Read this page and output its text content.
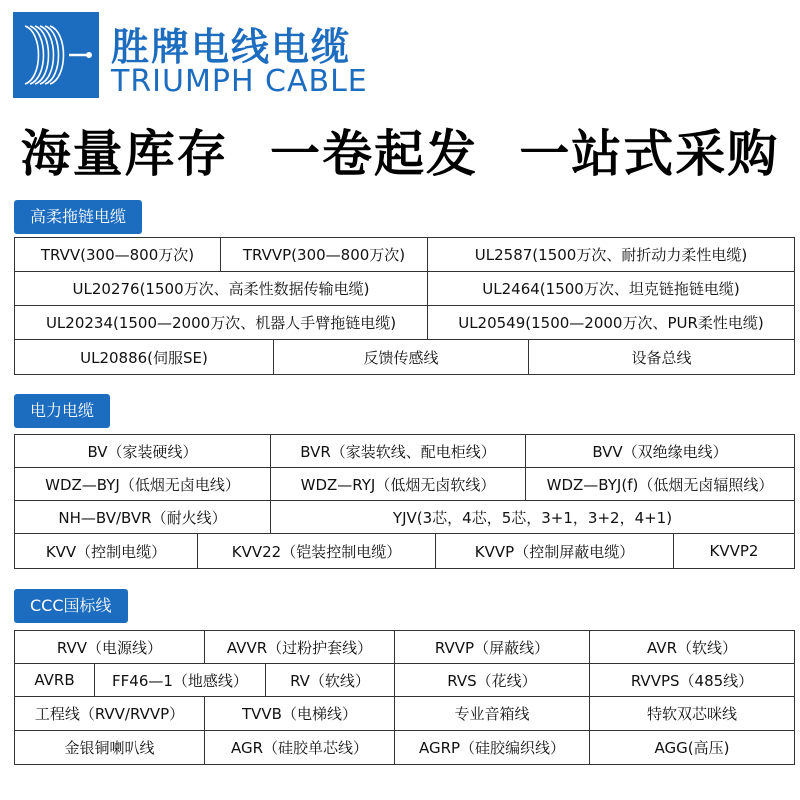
胜牌电线电缆
TRIUMPH CABLE
海量库存 一卷起发 一站式采购
高柔拖链电缆
TRVV(300—800万次)	TRVVP(300—800万次)	UL2587(1500万次、耐折动力柔性电缆)
UL20276(1500万次、高柔性数据传输电缆)	UL2464(1500万次、坦克链拖链电缆)
UL20234(1500—2000万次、机器人手臂拖链电缆)	UL20549(1500—2000万次、PUR柔性电缆)
UL20886(伺服SE)	反馈传感线	设备总线
电力电缆
BV（家装硬线）	BVR（家装软线、配电柜线）	BVV（双绝缘电线）
WDZ—BYJ（低烟无卤电线）	WDZ—RYJ（低烟无卤软线）	WDZ—BYJ(f)（低烟无卤辐照线）
NH—BV/BVR（耐火线）	YJV(3芯，4芯，5芯，3+1，3+2，4+1)
KVV（控制电缆）	KVV22（铠装控制电缆）	KVVP（控制屏蔽电缆）	KVVP2
CCC国标线
RVV（电源线）	AVVR（过粉护套线）	RVVP（屏蔽线）	AVR（软线）
AVRB	FF46—1（地感线）	RV（软线）	RVS（花线）	RVVPS（485线）
工程线（RVV/RVVP）	TVVB（电梯线）	专业音箱线	特软双芯咪线
金银铜喇叭线	AGR（硅胶单芯线）	AGRP（硅胶编织线）	AGG(高压)
